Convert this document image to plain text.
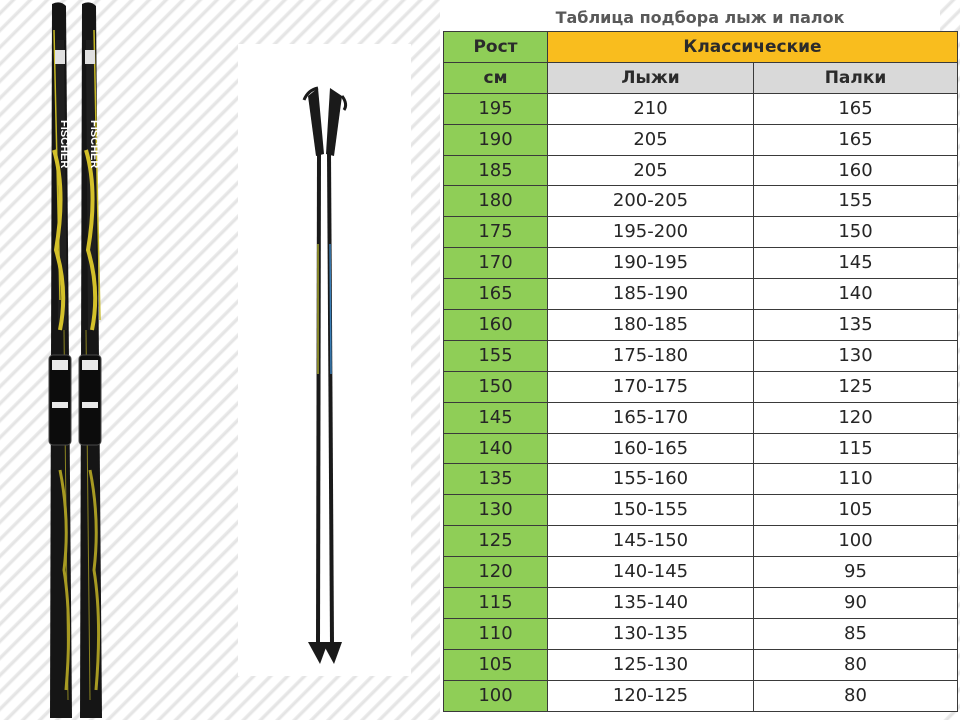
FISCHER FISCHER
Таблица подбора лыж и палок
Рост	Классические	
см	Лыжи	Палки
195	210	165
190	205	165
185	205	160
180	200-205	155
175	195-200	150
170	190-195	145
165	185-190	140
160	180-185	135
155	175-180	130
150	170-175	125
145	165-170	120
140	160-165	115
135	155-160	110
130	150-155	105
125	145-150	100
120	140-145	95
115	135-140	90
110	130-135	85
105	125-130	80
100	120-125	80
